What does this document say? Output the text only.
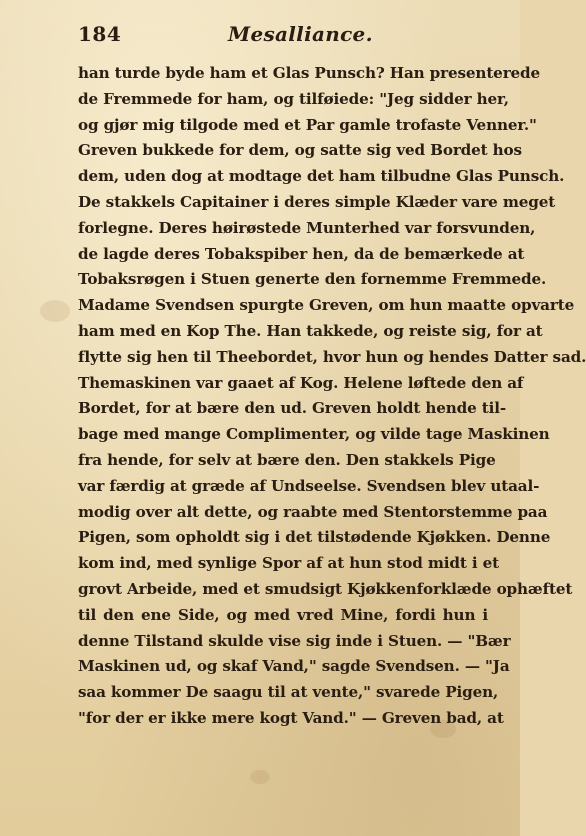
184	Mesalliance.
han turde byde ham et Glas Punsch? Han presenterede
de Fremmede for ham, og tilføiede: "Jeg sidder her,
og gjør mig tilgode med et Par gamle trofaste Venner."
Greven bukkede for dem, og satte sig ved Bordet hos
dem, uden dog at modtage det ham tilbudne Glas Punsch.
De stakkels Capitainer i deres simple Klæder vare meget
forlegne. Deres høirøstede Munterhed var forsvunden,
de lagde deres Tobakspiber hen, da de bemærkede at
Tobaksrøgen i Stuen generte den fornemme Fremmede.
Madame Svendsen spurgte Greven, om hun maatte opvarte
ham med en Kop The. Han takkede, og reiste sig, for at
flytte sig hen til Theebordet, hvor hun og hendes Datter sad.
Themaskinen var gaaet af Kog. Helene løftede den af
Bordet, for at bære den ud. Greven holdt hende til-
bage med mange Complimenter, og vilde tage Maskinen
fra hende, for selv at bære den. Den stakkels Pige
var færdig at græde af Undseelse. Svendsen blev utaal-
modig over alt dette, og raabte med Stentorstemme paa
Pigen, som opholdt sig i det tilstødende Kjøkken. Denne
kom ind, med synlige Spor af at hun stod midt i et
grovt Arbeide, med et smudsigt Kjøkkenforklæde ophæftet
til den ene Side, og med vred Mine, fordi hun i
denne Tilstand skulde vise sig inde i Stuen. — "Bær
Maskinen ud, og skaf Vand," sagde Svendsen. — "Ja
saa kommer De saagu til at vente," svarede Pigen,
"for der er ikke mere kogt Vand." — Greven bad, at
